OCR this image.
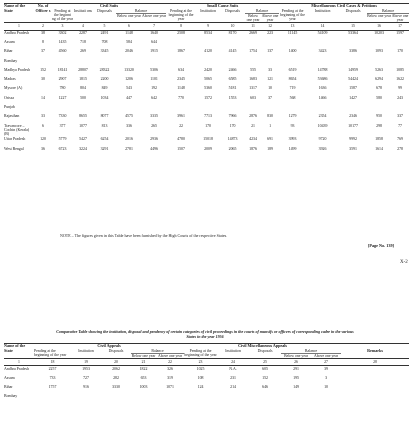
Name of the State	No. of Officer s	Civil Suits					Small Cause Suits					Miscellaneous Civil Cases & Petitions				
		Pending at the beginni ng of the year	Instituti ons	Disposals	Balance		Pending at the beginning of the year	Institution	Disposals	Balance		Pending at the beginning of the year	Institution	Disposals	Balance	
					Below one year	Above one year				Below one year	Above one year				Below one year	Above one year
1	2	3	4	5	6	7	8	9	10	11	12	13	14	15	16	17
Andhra Pradesh	38	3302	2287	2491	1148	1640	2508	8534	8170	2669	223	11145	54109	53364	10203	1597
Assam	8	1435	718	708	584	644										
Bihar	37	4560	269	3345	2046	1915	1867	4120	4145	1754	137	1400	3423	3386	1093	170
Bombay																
Madhya Pradesh	152	18141	28807	28322	13320	5306	634	2420	2466	555	33	6519	14788	14959	5263	1085
Madras	30	2907	1815	2200	1206	1101	2345	5065	6585	1683	121	8654	53686	54424	6294	1622
Mysore (A)		780	804	849	543	192	1148	5360	5181	1317	10	719	1636	1587	678	99
Orissa	14	1227	500	1034	447	642	770	1572	1553	603	37	568	1466	1427	580	243
Punjab																
Rajasthan	33	7330	8655	8077	4575	3335	3961	7713	7966	2876	830	1279	2354	2346	950	337
Travancore – Cochin (Kerala) (B)	6	377	1077	813	336	265	22	170	170	21	1	93	10439	10177	298	77
Uttar Pradesh	120	5779	5427	6254	2016	2936	4780	15018	14873	4234	691	3993	9720	9992	1858	769
West Bengal	36	6723	3224	3291	2781	4496	1507	2009	2065	1876	189	1499	3926	3591	1614	278
NOTE – The figures given in this Table have been furnished by the High Courts of the respective States.
[Page No. 139]
X-2
Comparative Table showing the institution, disposal and pendency of certain categories of civil proceedings in the courts of munsifs or officers of corresponding cadre in the various States in the year 1956
Name of the State	Civil Appeals					Civil Miscellaneous Appeals					Remarks
	Pending at the beginning of the year	Institution	Disposals	Balance		Pending at the beginning of the year	Institution	Disposals	Balance		
				Below one year	Above one year				Below one year	Above one year	
1	18	19	20	21	22	23	24	25	26	27	28
Andhra Pradesh	2257	1953	2062	1822	326	1025	N.A.	605	291	39	
Assam	733	727	282	653	319	108	231	152	195	3	
Bihar	1757	916	3330	1003	1071	124	214	646	149	10	
Bombay											
